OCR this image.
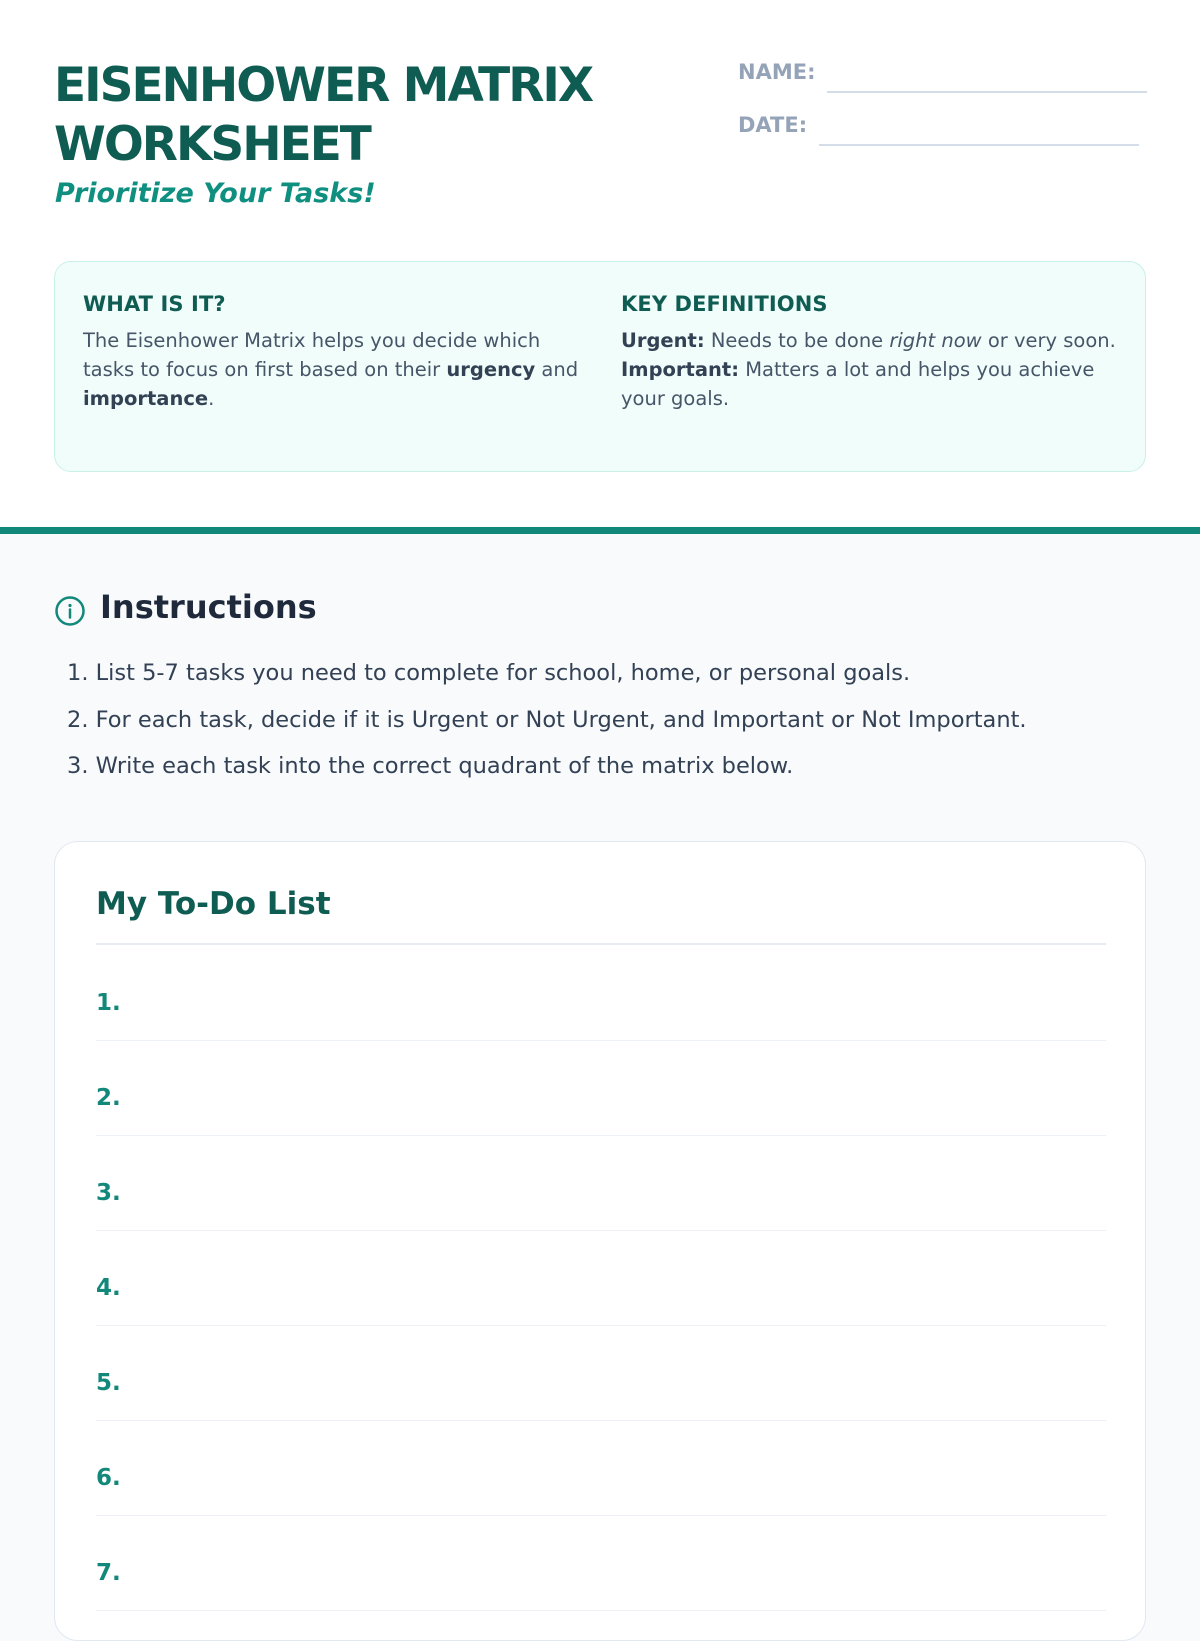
EISENHOWER MATRIX WORKSHEET

Prioritize Your Tasks!

NAME:
DATE:
WHAT IS IT?

The Eisenhower Matrix helps you decide which tasks to focus on first based on their urgency and importance.

KEY DEFINITIONS

Urgent: Needs to be done right now or very soon.

Important: Matters a lot and helps you achieve your goals.

Instructions
1. List 5-7 tasks you need to complete for school, home, or personal goals.
2. For each task, decide if it is Urgent or Not Urgent, and Important or Not Important.
3. Write each task into the correct quadrant of the matrix below.
My To-Do List
1.
2.
3.
4.
5.
6.
7.
